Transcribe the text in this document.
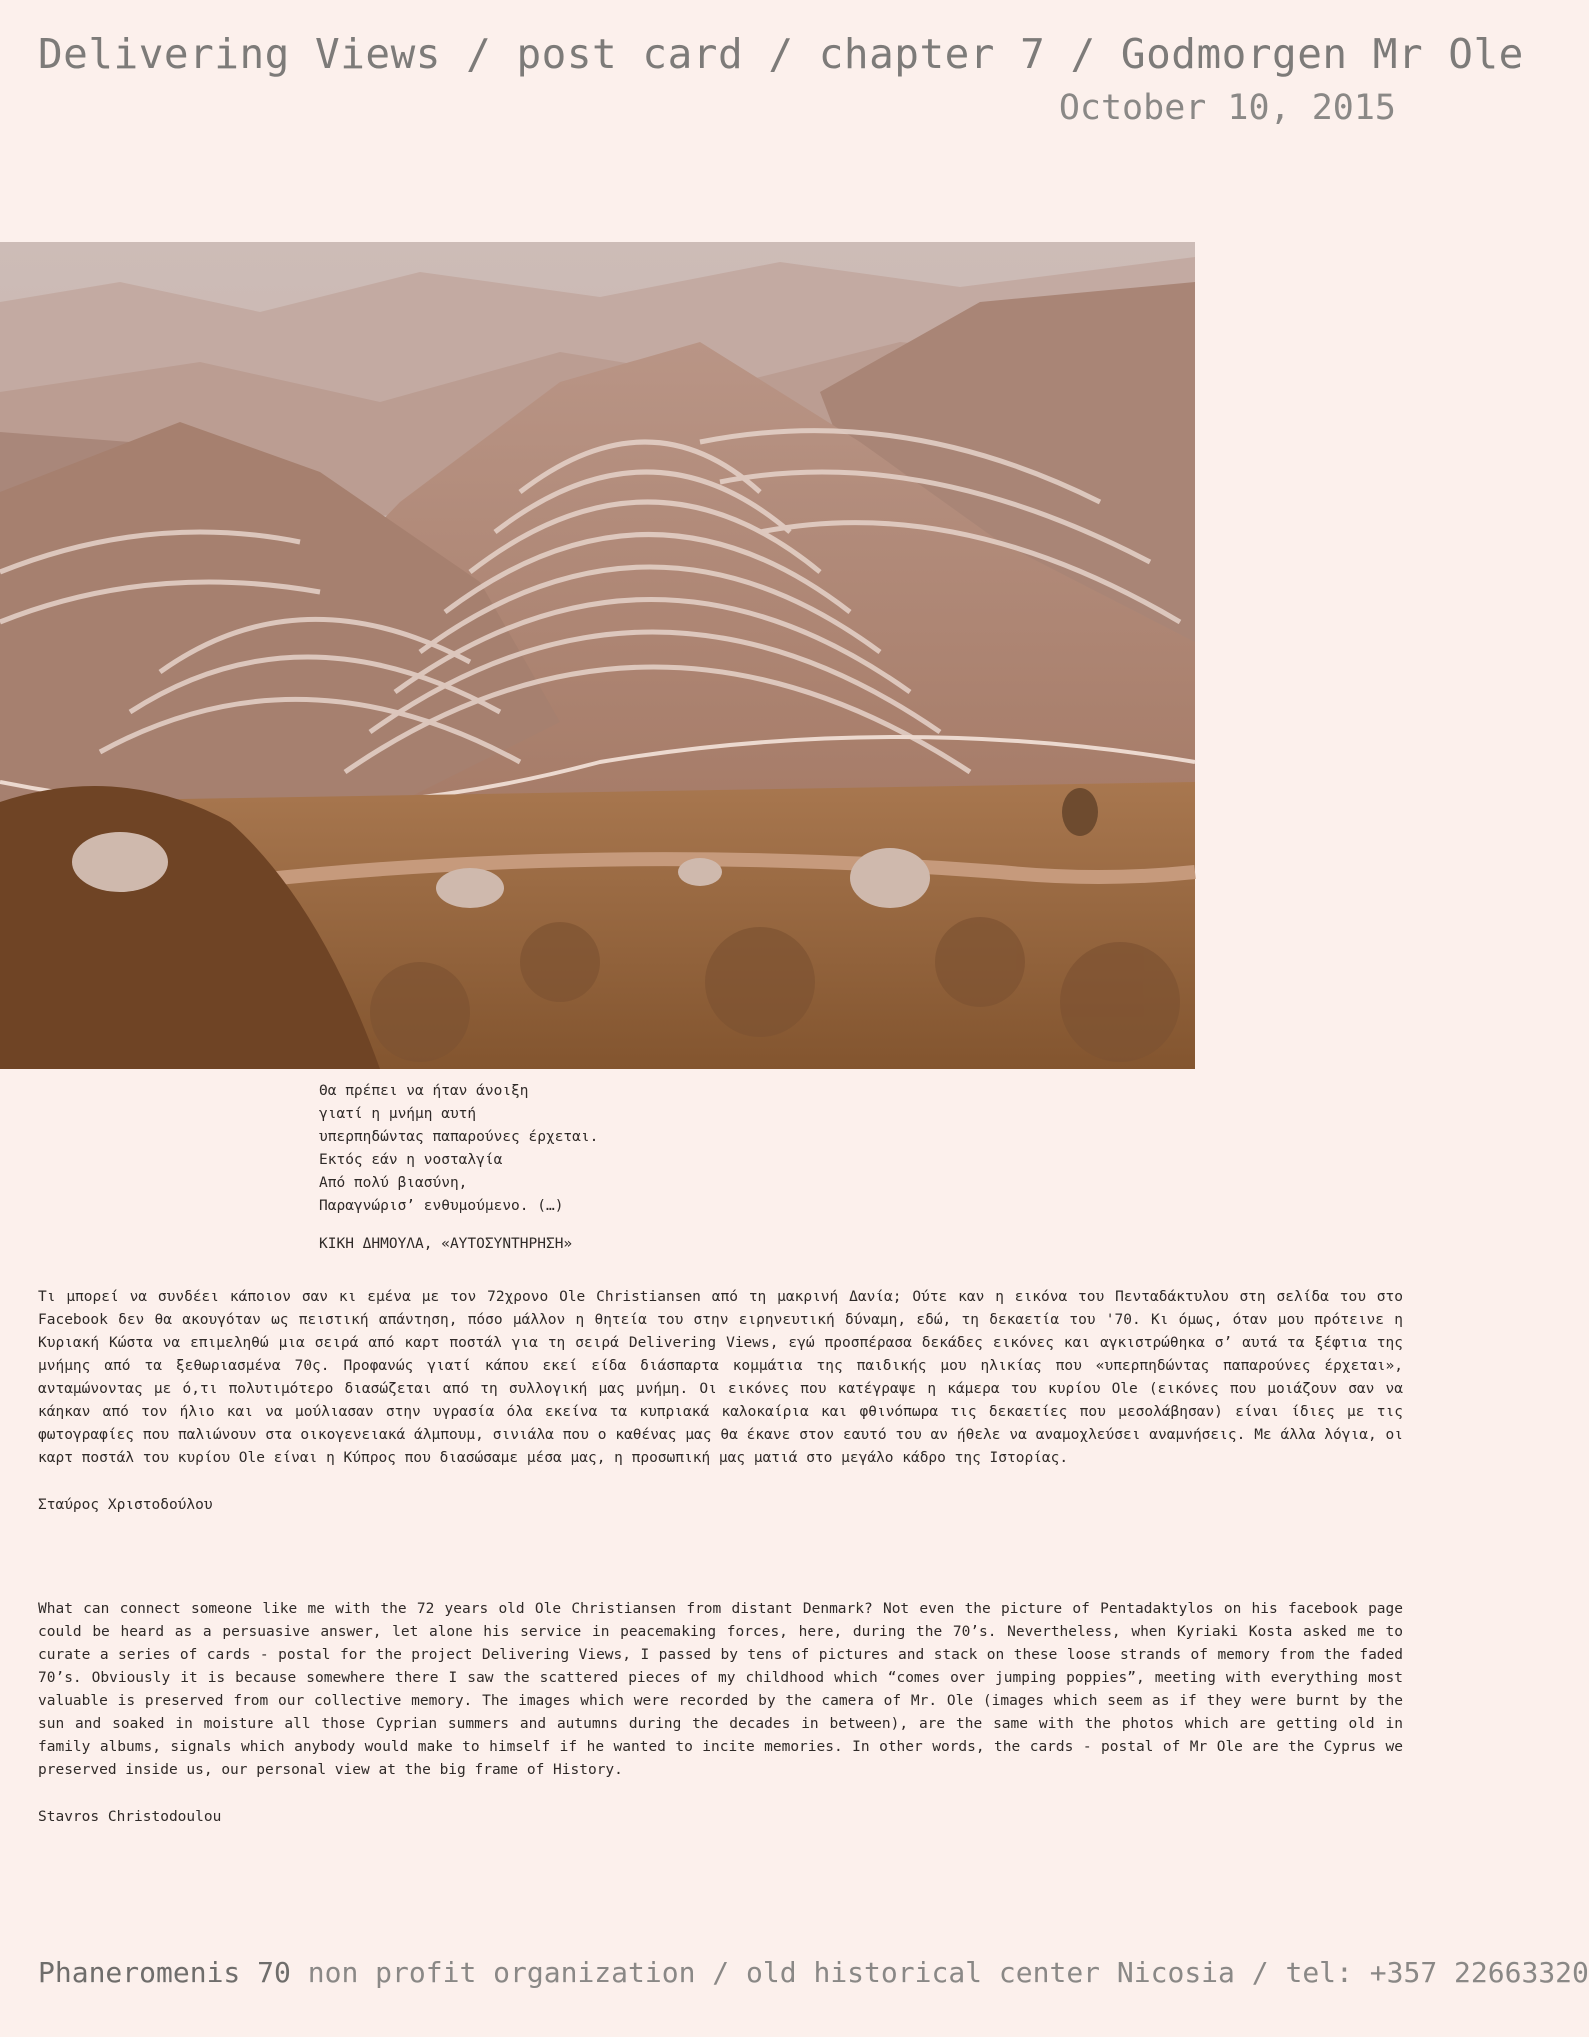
Delivering Views / post card / chapter 7 / Godmorgen Mr Ole
October 10, 2015
Θα πρέπει να ήταν άνοιξη
γιατί η μνήμη αυτή
υπερπηδώντας παπαρούνες έρχεται.
Εκτός εάν η νοσταλγία
Από πολύ βιασύνη,
Παραγνώρισ’ ενθυμούμενο. (…)

ΚΙΚΗ ΔΗΜΟΥΛΑ, «ΑΥΤΟΣΥΝΤΗΡΗΣΗ»

Τι μπορεί να συνδέει κάποιον σαν κι εμένα με τον 72χρονο Ole Christiansen από τη μακρινή Δανία; Ούτε καν η εικόνα του Πενταδάκτυλου στη σελίδα του στο Facebook δεν θα ακουγόταν ως πειστική απάντηση, πόσο μάλλον η θητεία του στην ειρηνευτική δύναμη, εδώ, τη δεκαετία του '70. Κι όμως, όταν μου πρότεινε η Κυριακή Κώστα να επιμεληθώ μια σειρά από καρτ ποστάλ για τη σειρά Delivering Views, εγώ προσπέρασα δεκάδες εικόνες και αγκιστρώθηκα σ’ αυτά τα ξέφτια της μνήμης από τα ξεθωριασμένα 70ς. Προφανώς γιατί κάπου εκεί είδα διάσπαρτα κομμάτια της παιδικής μου ηλικίας που «υπερπηδώντας παπαρούνες έρχεται», ανταμώνοντας με ό,τι πολυτιμότερο διασώζεται από τη συλλογική μας μνήμη. Οι εικόνες που κατέγραψε η κάμερα του κυρίου Ole (εικόνες που μοιάζουν σαν να κάηκαν από τον ήλιο και να μούλιασαν στην υγρασία όλα εκείνα τα κυπριακά καλοκαίρια και φθινόπωρα τις δεκαετίες που μεσολάβησαν) είναι ίδιες με τις φωτογραφίες που παλιώνουν στα οικογενειακά άλμπουμ, σινιάλα που ο καθένας μας θα έκανε στον εαυτό του αν ήθελε να αναμοχλεύσει αναμνήσεις. Με άλλα λόγια, οι καρτ ποστάλ του κυρίου Ole είναι η Κύπρος που διασώσαμε μέσα μας, η προσωπική μας ματιά στο μεγάλο κάδρο της Ιστορίας.

Σταύρος Χριστοδούλου

What can connect someone like me with the 72 years old Ole Christiansen from distant Denmark? Not even the picture of Pentadaktylos on his facebook page could be heard as a persuasive answer, let alone his service in peacemaking forces, here, during the 70’s. Nevertheless, when Kyriaki Kosta asked me to curate a series of cards - postal for the project Delivering Views, I passed by tens of pictures and stack on these loose strands of memory from the faded 70’s. Obviously it is because somewhere there I saw the scattered pieces of my childhood which “comes over jumping poppies”, meeting with everything most valuable is preserved from our collective memory. The images which were recorded by the camera of Mr. Ole (images which seem as if they were burnt by the sun and soaked in moisture all those Cyprian summers and autumns during the decades in between), are the same with the photos which are getting old in family albums, signals which anybody would make to himself if he wanted to incite memories. In other words, the cards - postal of Mr Ole are the Cyprus we preserved inside us, our personal view at the big frame of History.

Stavros Christodoulou
Phaneromenis 70 non profit organization / old historical center Nicosia / tel: +357 22663320
